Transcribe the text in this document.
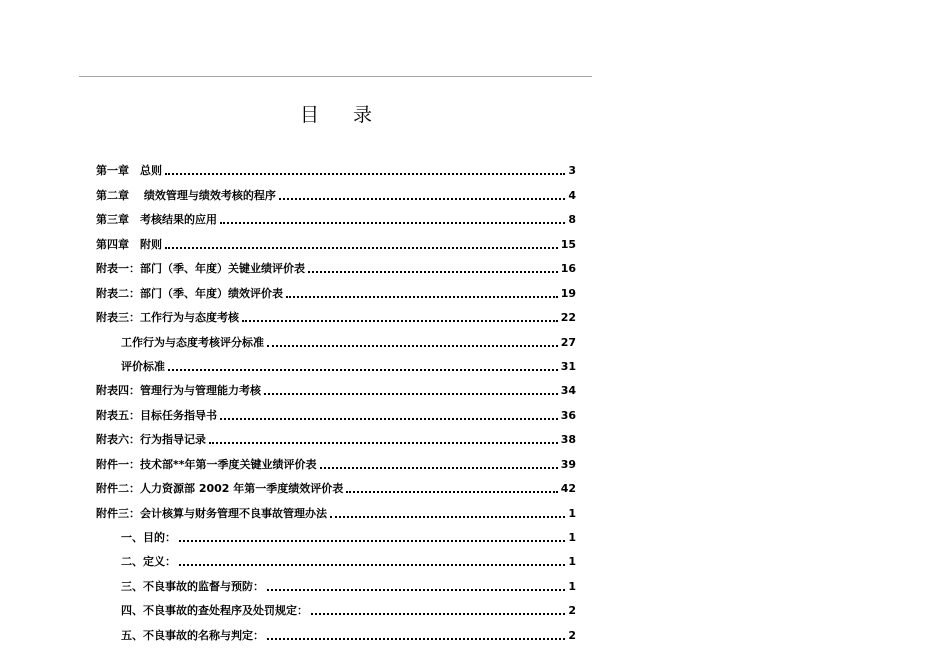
目 录
第一章　总则	3
第二章　 绩效管理与绩效考核的程序	4
第三章　考核结果的应用	8
第四章　附则	15
附表一：部门（季、年度）关键业绩评价表	16
附表二：部门（季、年度）绩效评价表	19
附表三：工作行为与态度考核	22
工作行为与态度考核评分标准	27
评价标准	31
附表四：管理行为与管理能力考核	34
附表五：目标任务指导书	36
附表六：行为指导记录	38
附件一：技术部**年第一季度关键业绩评价表	39
附件二：人力资源部 2002 年第一季度绩效评价表	42
附件三：会计核算与财务管理不良事故管理办法	1
一、目的：	1
二、定义：	1
三、不良事故的监督与预防：	1
四、不良事故的查处程序及处罚规定：	2
五、不良事故的名称与判定：	2
